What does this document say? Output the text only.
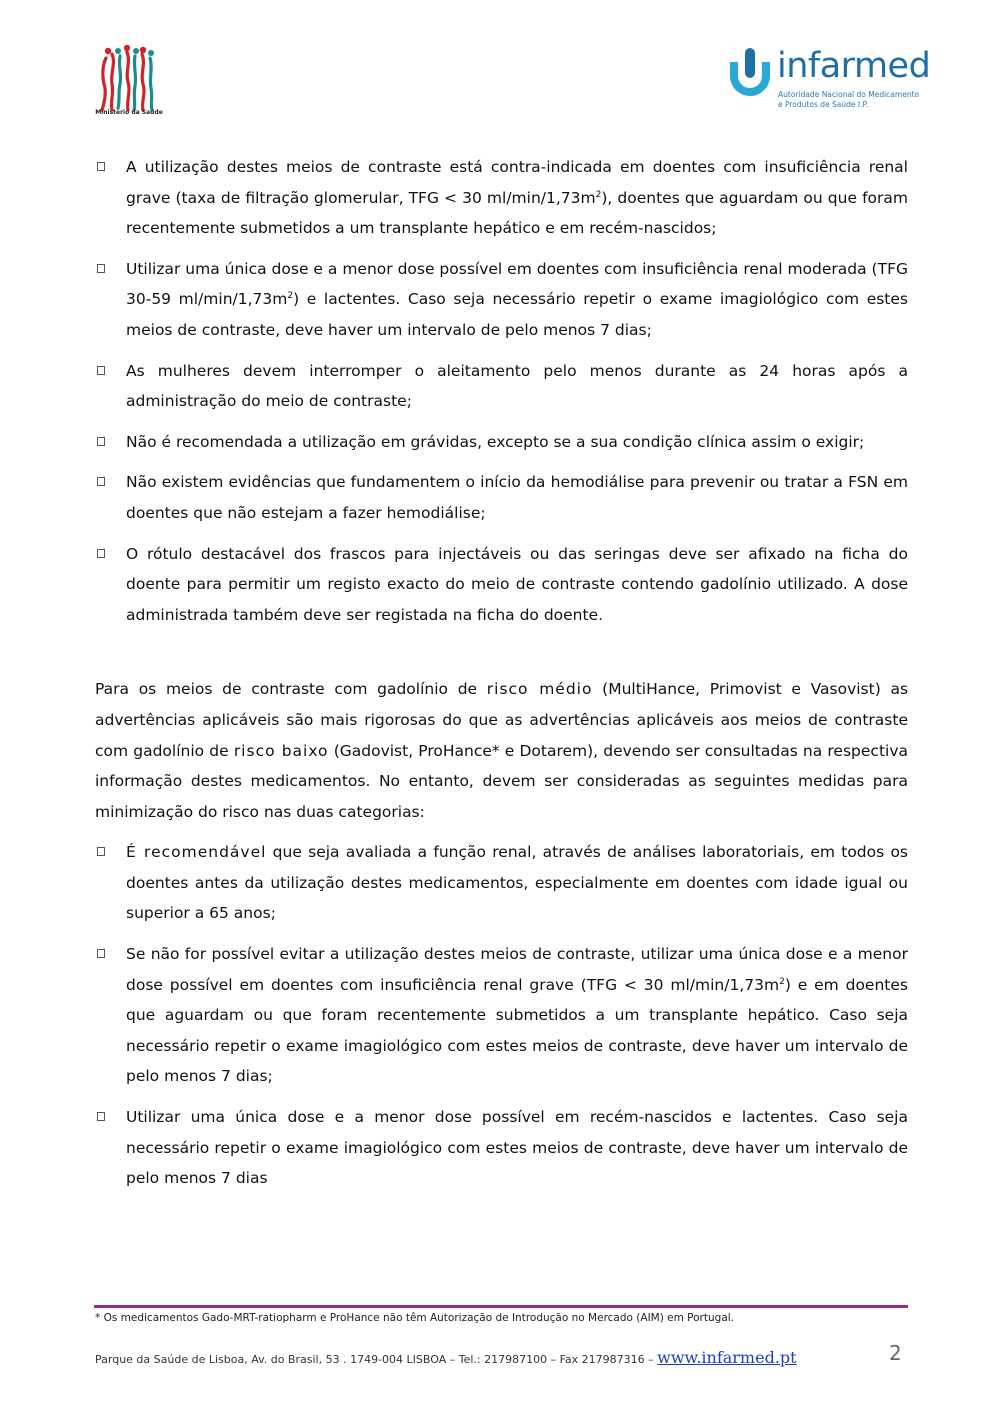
Ministério da Saúde
infarmed
Autoridade Nacional do Medicamento
e Produtos de Saúde I.P.
A utilização destes meios de contraste está contra-indicada em doentes com insuficiência renal grave (taxa de filtração glomerular, TFG < 30 $ml/\min/1,73m^2$), doentes que aguardam ou que foram recentemente submetidos a um transplante hepático e em recém-nascidos;
Utilizar uma única dose e a menor dose possível em doentes com insuficiência renal moderada (TFG 30-59 $ml/\min/1,73m^2$) e lactentes. Caso seja necessário repetir o exame imagiológico com estes meios de contraste, deve haver um intervalo de pelo menos 7 dias;
As mulheres devem interromper o aleitamento pelo menos durante as 24 horas após a administração do meio de contraste;
Não é recomendada a utilização em grávidas, excepto se a sua condição clínica assim o exigir;
Não existem evidências que fundamentem o início da hemodiálise para prevenir ou tratar a FSN em doentes que não estejam a fazer hemodiálise;
O rótulo destacável dos frascos para injectáveis ou das seringas deve ser afixado na ficha do doente para permitir um registo exacto do meio de contraste contendo gadolínio utilizado. A dose administrada também deve ser registada na ficha do doente.

Para os meios de contraste com gadolínio de risco médio (MultiHance, Primovist e Vasovist) as advertências aplicáveis são mais rigorosas do que as advertências aplicáveis aos meios de contraste com gadolínio de risco baixo (Gadovist, ProHance* e Dotarem), devendo ser consultadas na respectiva informação destes medicamentos. No entanto, devem ser consideradas as seguintes medidas para minimização do risco nas duas categorias:

É recomendável que seja avaliada a função renal, através de análises laboratoriais, em todos os doentes antes da utilização destes medicamentos, especialmente em doentes com idade igual ou superior a 65 anos;
Se não for possível evitar a utilização destes meios de contraste, utilizar uma única dose e a menor dose possível em doentes com insuficiência renal grave (TFG < 30 $ml/\min/1,73m^2$) e em doentes que aguardam ou que foram recentemente submetidos a um transplante hepático. Caso seja necessário repetir o exame imagiológico com estes meios de contraste, deve haver um intervalo de pelo menos 7 dias;
Utilizar uma única dose e a menor dose possível em recém-nascidos e lactentes. Caso seja necessário repetir o exame imagiológico com estes meios de contraste, deve haver um intervalo de pelo menos 7 dias
* Os medicamentos Gado-MRT-ratiopharm e ProHance não têm Autorização de Introdução no Mercado (AIM) em Portugal.
Parque da Saúde de Lisboa, Av. do Brasil, 53 . 1749-004 LISBOA – Tel.: 217987100 – Fax 217987316 – www.infarmed.pt	2
